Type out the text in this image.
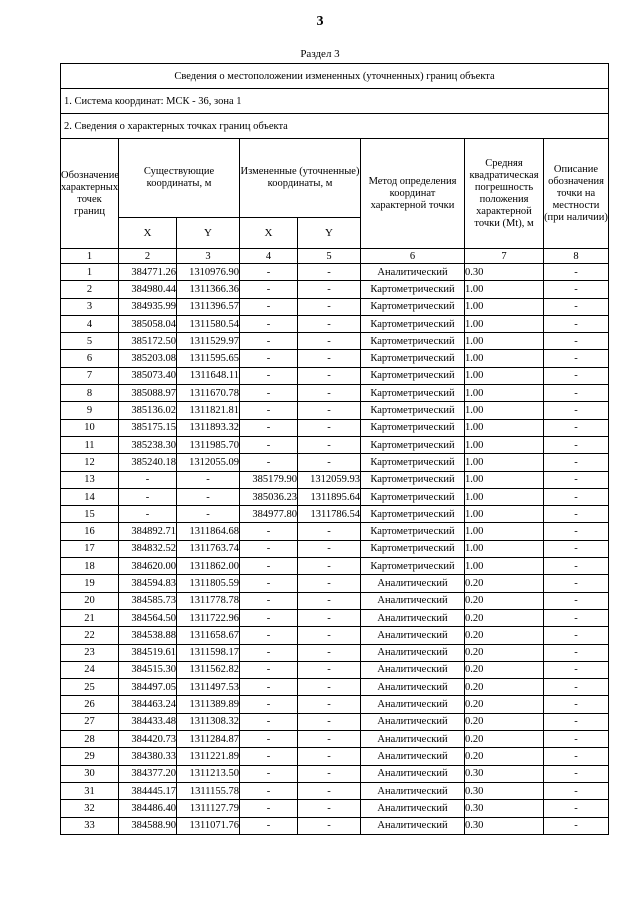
3
Раздел 3
Сведения о местоположении измененных (уточненных) границ объекта							
1. Система координат: МСК - 36, зона 1							
2. Сведения о характерных точках границ объекта							
Обозначение характерных точек границ	Существующие координаты, м		Измененные (уточненные) координаты, м		Метод определения координат характерной точки	Средняя квадратическая погрешность положения характерной точки (Mt), м	Описание обозначения точки на местности (при наличии)
	X	Y	X	Y			
1	2	3	4	5	6	7	8
1	384771.26	1310976.90	-	-	Аналитический	0.30	-
2	384980.44	1311366.36	-	-	Картометрический	1.00	-
3	384935.99	1311396.57	-	-	Картометрический	1.00	-
4	385058.04	1311580.54	-	-	Картометрический	1.00	-
5	385172.50	1311529.97	-	-	Картометрический	1.00	-
6	385203.08	1311595.65	-	-	Картометрический	1.00	-
7	385073.40	1311648.11	-	-	Картометрический	1.00	-
8	385088.97	1311670.78	-	-	Картометрический	1.00	-
9	385136.02	1311821.81	-	-	Картометрический	1.00	-
10	385175.15	1311893.32	-	-	Картометрический	1.00	-
11	385238.30	1311985.70	-	-	Картометрический	1.00	-
12	385240.18	1312055.09	-	-	Картометрический	1.00	-
13	-	-	385179.90	1312059.93	Картометрический	1.00	-
14	-	-	385036.23	1311895.64	Картометрический	1.00	-
15	-	-	384977.80	1311786.54	Картометрический	1.00	-
16	384892.71	1311864.68	-	-	Картометрический	1.00	-
17	384832.52	1311763.74	-	-	Картометрический	1.00	-
18	384620.00	1311862.00	-	-	Картометрический	1.00	-
19	384594.83	1311805.59	-	-	Аналитический	0.20	-
20	384585.73	1311778.78	-	-	Аналитический	0.20	-
21	384564.50	1311722.96	-	-	Аналитический	0.20	-
22	384538.88	1311658.67	-	-	Аналитический	0.20	-
23	384519.61	1311598.17	-	-	Аналитический	0.20	-
24	384515.30	1311562.82	-	-	Аналитический	0.20	-
25	384497.05	1311497.53	-	-	Аналитический	0.20	-
26	384463.24	1311389.89	-	-	Аналитический	0.20	-
27	384433.48	1311308.32	-	-	Аналитический	0.20	-
28	384420.73	1311284.87	-	-	Аналитический	0.20	-
29	384380.33	1311221.89	-	-	Аналитический	0.20	-
30	384377.20	1311213.50	-	-	Аналитический	0.30	-
31	384445.17	1311155.78	-	-	Аналитический	0.30	-
32	384486.40	1311127.79	-	-	Аналитический	0.30	-
33	384588.90	1311071.76	-	-	Аналитический	0.30	-
